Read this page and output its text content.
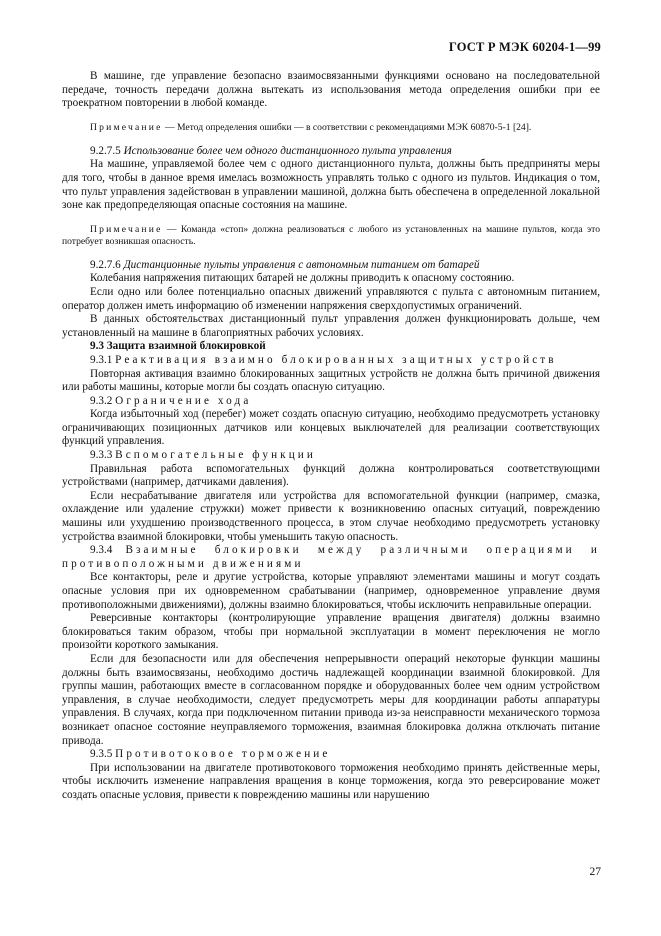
ГОСТ Р МЭК 60204-1—99

В машине, где управление безопасно взаимосвязанными функциями основано на последовательной передаче, точность передачи должна вытекать из использования метода определения ошибки при ее троекратном повторении в любой команде.

Примечание — Метод определения ошибки — в соответствии с рекомендациями МЭК 60870-5-1 [24].

9.2.7.5 Использование более чем одного дистанционного пульта управления

На машине, управляемой более чем с одного дистанционного пульта, должны быть предприняты меры для того, чтобы в данное время имелась возможность управлять только с одного из пультов. Индикация о том, что пульт управления задействован в управлении машиной, должна быть обеспечена в определенной локальной зоне как предопределяющая опасные состояния на машине.

Примечание — Команда «стоп» должна реализоваться с любого из установленных на машине пультов, когда это потребует возникшая опасность.

9.2.7.6 Дистанционные пульты управления с автономным питанием от батарей

Колебания напряжения питающих батарей не должны приводить к опасному состоянию.

Если одно или более потенциально опасных движений управляются с пульта с автономным питанием, оператор должен иметь информацию об изменении напряжения сверхдопустимых ограничений.

В данных обстоятельствах дистанционный пульт управления должен функционировать дольше, чем установленный на машине в благоприятных рабочих условиях.

9.3 Защита взаимной блокировкой

9.3.1 Реактивация взаимно блокированных защитных устройств

Повторная активация взаимно блокированных защитных устройств не должна быть причиной движения или работы машины, которые могли бы создать опасную ситуацию.

9.3.2 Ограничение хода

Когда избыточный ход (перебег) может создать опасную ситуацию, необходимо предусмотреть установку ограничивающих позиционных датчиков или концевых выключателей для реализации соответствующих функций управления.

9.3.3 Вспомогательные функции

Правильная работа вспомогательных функций должна контролироваться соответствующими устройствами (например, датчиками давления).

Если несрабатывание двигателя или устройства для вспомогательной функции (например, смазка, охлаждение или удаление стружки) может привести к возникновению опасных ситуаций, повреждению машины или ухудшению производственного процесса, в этом случае необходимо предусмотреть установку устройства взаимной блокировки, чтобы уменьшить такую опасность.

9.3.4 Взаимные блокировки между различными операциями и противоположными движениями

Все контакторы, реле и другие устройства, которые управляют элементами машины и могут создать опасные условия при их одновременном срабатывании (например, одновременное управление двумя противоположными движениями), должны взаимно блокироваться, чтобы исключить неправильные операции.

Реверсивные контакторы (контролирующие управление вращения двигателя) должны взаимно блокироваться таким образом, чтобы при нормальной эксплуатации в момент переключения не могло произойти короткого замыкания.

Если для безопасности или для обеспечения непрерывности операций некоторые функции машины должны быть взаимосвязаны, необходимо достичь надлежащей координации взаимной блокировкой. Для группы машин, работающих вместе в согласованном порядке и оборудованных более чем одним устройством управления, в случае необходимости, следует предусмотреть меры для координации работы аппаратуры управления. В случаях, когда при подключенном питании привода из-за неисправности механического тормоза возникает опасное состояние неуправляемого торможения, взаимная блокировка должна отключать питание привода.

9.3.5 Противотоковое торможение

При использовании на двигателе противотокового торможения необходимо принять действенные меры, чтобы исключить изменение направления вращения в конце торможения, когда это реверсирование может создать опасные условия, привести к повреждению машины или нарушению

27
